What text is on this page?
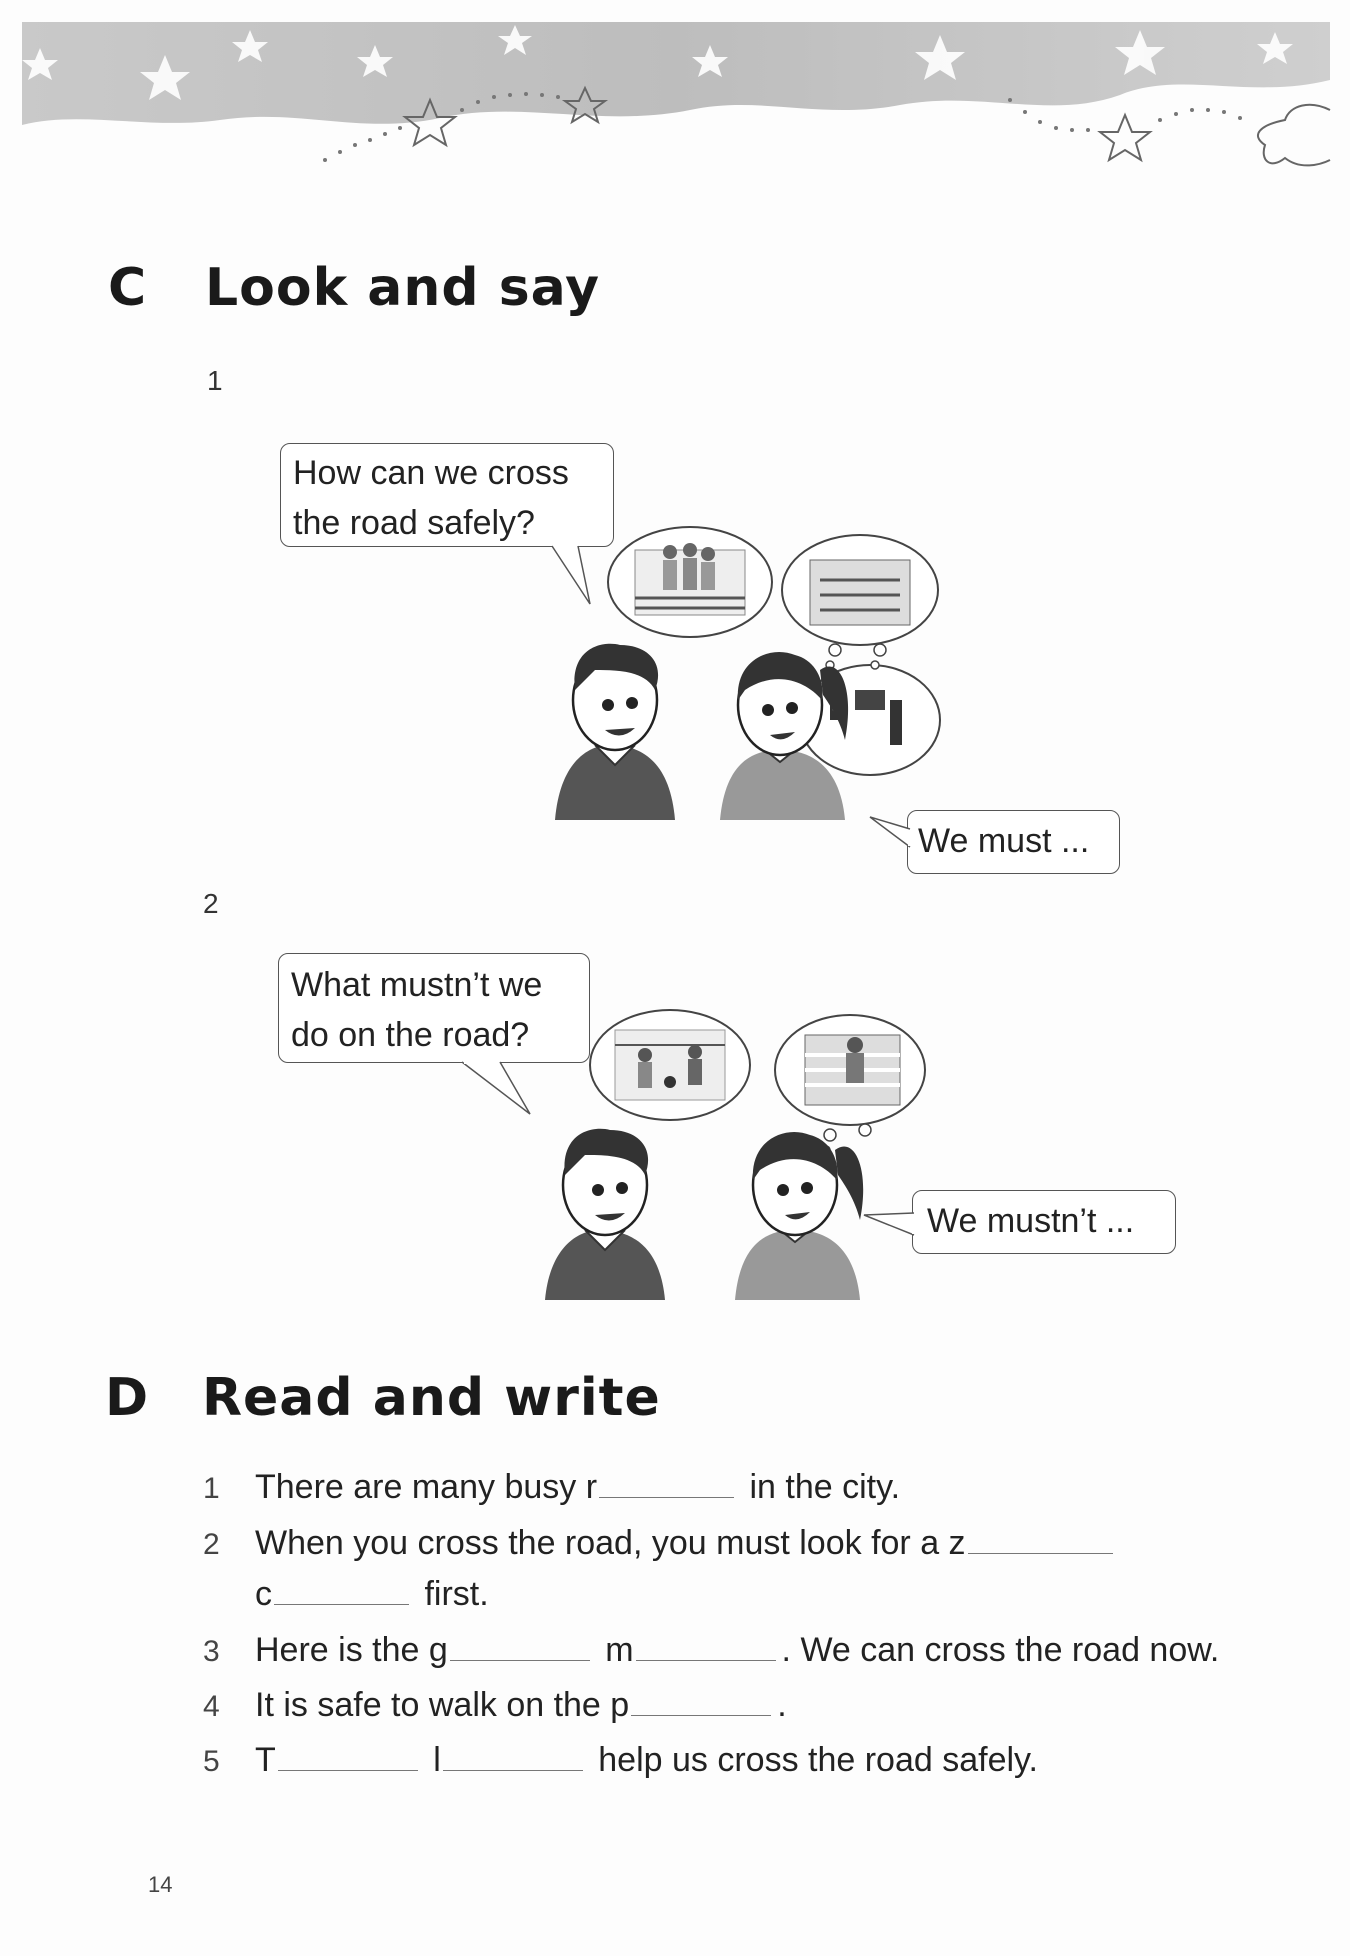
C Look and say
1
How can we cross
the road safely?
We must ...
2
What mustn’t we
do on the road?
We mustn’t ...
D Read and write
1 There are many busy r	in the city.
2 When you cross the road, you must look for a z
c	first.
3 Here is the g	m	. We can cross the road now.
4 It is safe to walk on the p	.
5 T	l	help us cross the road safely.
14
